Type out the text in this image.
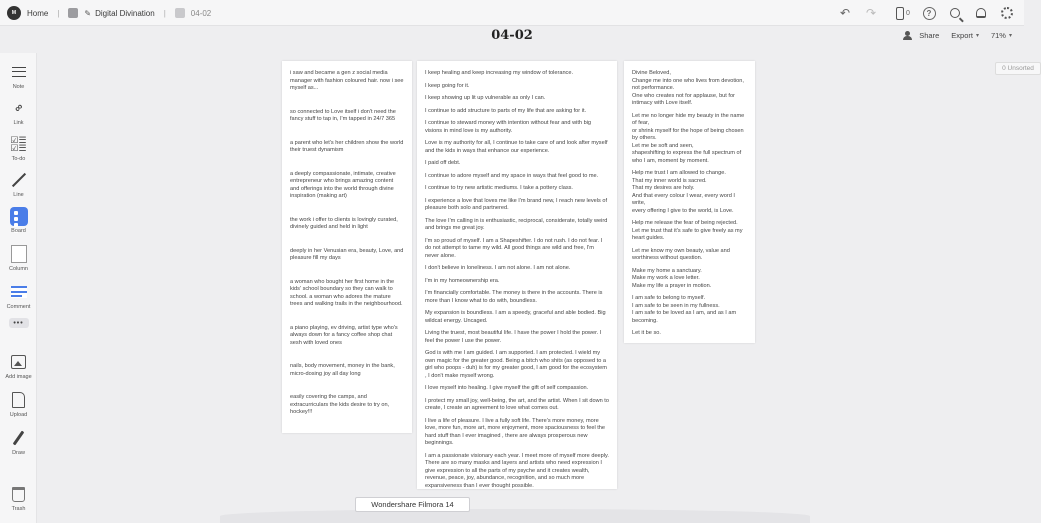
M	Home |	✎ Digital Divination |	04-02	↶	↷	0	?
04-02	Share Export ▾ 71% ▾
Note
∞
Link
☑☰
☑☰
To-do
Line
Board
Column
Comment
•••
Add image
Upload
Draw
Trash
0 Unsorted
i saw and became a gen z social media manager with fashion coloured hair. now i see myself as...
so connected to Love itself i don't need the fancy stuff to tap in, I'm tapped in 24/7 365
a parent who let's her children show the world their truest dynamism
a deeply compassionate, intimate, creative entrepreneur who brings amazing content and offerings into the world through divine inspiration (making art)
the work i offer to clients is lovingly curated, divinely guided and held in light
deeply in her Venusian era, beauty, Love, and pleasure fill my days
a woman who bought her first home in the kids' school boundary so they can walk to school. a woman who adores the mature trees and walking trails in the neighbourhood.
a piano playing, ev driving, artist type who's always down for a fancy coffee shop chat sesh with loved ones
nails, body movement, money in the bank, micro-dosing joy all day long
easily covering the camps, and extracurriculars the kids desire to try on, hockey!!!
I keep healing and keep increasing my window of tolerance.
I keep going for it.
I keep showing up lit up vulnerable as only I can.
I continue to add structure to parts of my life that are asking for it.
I continue to steward money with intention without fear and with big visions in mind love is my authority.
Love is my authority for all, I continue to take care of and look after myself and the kids in ways that enhance our experience.
I paid off debt.
I continue to adore myself and my space in ways that feel good to me.
I continue to try new artistic mediums. I take a pottery class.
I experience a love that loves me like I'm brand new, I reach new levels of pleasure both solo and partnered.
The love I'm calling in is enthusiastic, reciprocal, considerate, totally weird and brings me great joy.
I'm so proud of myself. I am a Shapeshifter. I do not rush. I do not fear. I do not attempt to tame my wild. All good things are wild and free, I'm never alone.
I don't believe in loneliness. I am not alone. I am not alone.
I'm in my homeownership era.
I'm financially comfortable. The money is there in the accounts. There is more than I know what to do with, boundless.
My expansion is boundless. I am a speedy, graceful and able bodied. Big wildcat energy. Uncaged.
Living the truest, most beautiful life. I have the power I hold the power. I feel the power I use the power.
God is with me I am guided. I am supported. I am protected. I wield my own magic for the greater good. Being a bitch who shits (as opposed to a girl who poops - duh) is for my greater good, I am good for the ecosystem , I don't make myself wrong.
I love myself into healing. I give myself the gift of self compassion.
I protect my small joy, well-being, the art, and the artist. When I sit down to create, I create an agreement to love what comes out.
I live a life of pleasure. I live a fully soft life. There's more money, more love, more fun, more art, more enjoyment, more spaciousness to feel the hard stuff than I ever imagined , there are always prosperous new beginnings.
I am a passionate visionary each year. I meet more of myself more deeply. There are so many masks and layers and artists who need expression I give expression to all the parts of my psyche and it creates wealth, revenue, peace, joy, abundance, recognition, and so much more expansiveness than I ever thought possible.
Divine Beloved,
Change me into one who lives from devotion, not performance.
One who creates not for applause, but for intimacy with Love itself.
Let me no longer hide my beauty in the name of fear,
or shrink myself for the hope of being chosen by others.
Let me be soft and seen,
shapeshifting to express the full spectrum of who I am, moment by moment.
Help me trust I am allowed to change.
That my inner world is sacred.
That my desires are holy.
And that every colour I wear, every word I write,
every offering I give to the world, is Love.
Help me release the fear of being rejected.
Let me trust that it's safe to give freely as my heart guides.
Let me know my own beauty, value and worthiness without question.
Make my home a sanctuary.
Make my work a love letter.
Make my life a prayer in motion.
I am safe to belong to myself.
I am safe to be seen in my fullness.
I am safe to be loved as I am, and as I am becoming.
Let it be so.
Wondershare Filmora 14
